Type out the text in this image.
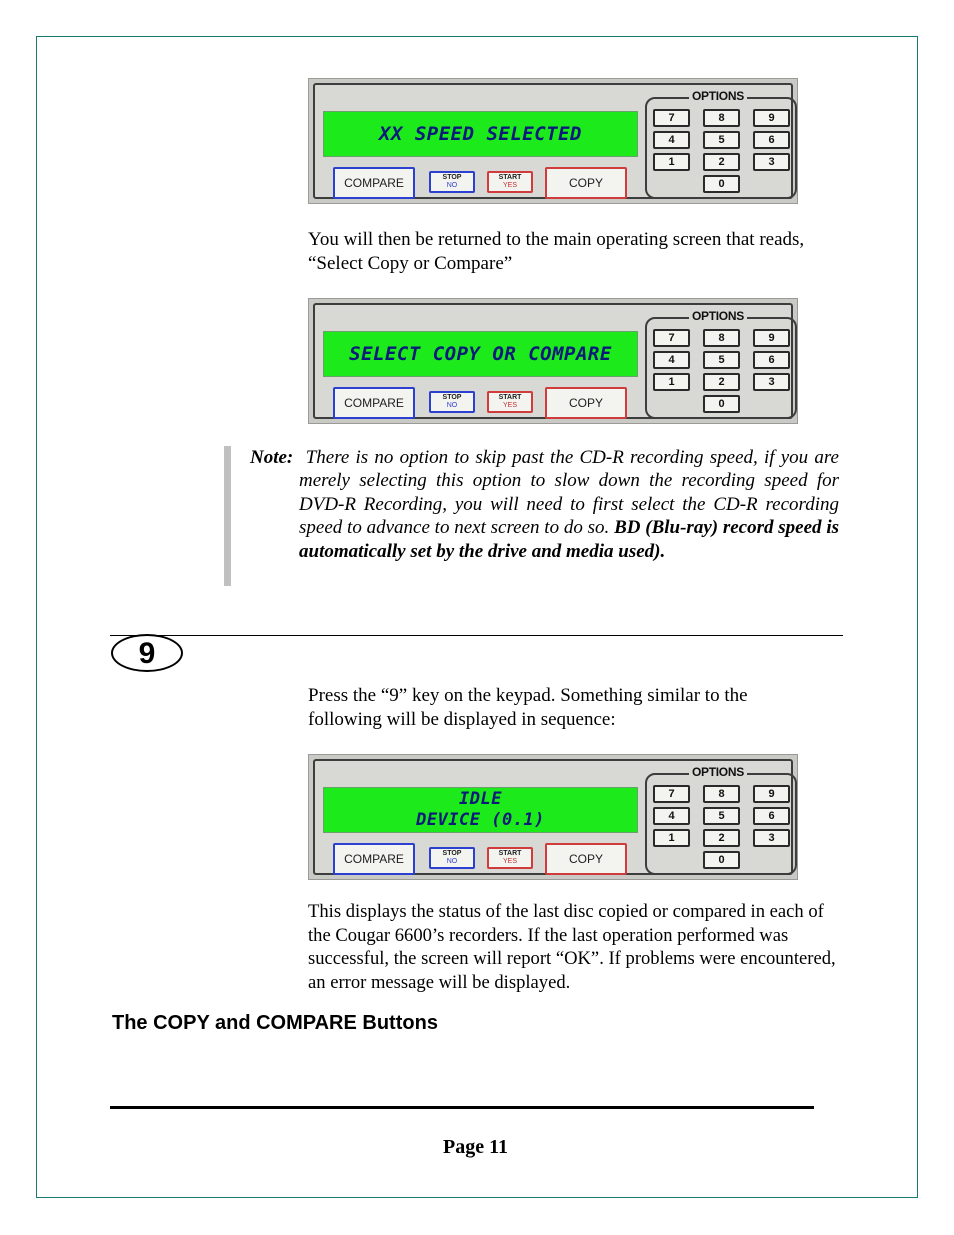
XX SPEED SELECTED
COMPARE	STOP
NO
START
YES	COPY
OPTIONS
7	8	9
4	5	6
1	2	3
0
You will then be returned to the main operating screen that reads, “Select Copy or Compare”
SELECT COPY OR COMPARE
COMPARE	STOP
NO
START
YES	COPY
OPTIONS
7	8	9
4	5	6
1	2	3
0
Note: There is no option to skip past the CD-R recording speed, if you are merely selecting this option to slow down the recording speed for DVD-R Recording, you will need to first select the CD-R recording speed to advance to next screen to do so. BD (Blu-ray) record speed is automatically set by the drive and media used).
9
Press the “9” key on the keypad. Something similar to the following will be displayed in sequence:
IDLE
DEVICE (0.1)
COMPARE	STOP
NO
START
YES	COPY
OPTIONS
7	8	9
4	5	6
1	2	3
0
This displays the status of the last disc copied or compared in each of the Cougar 6600’s recorders. If the last operation performed was successful, the screen will report “OK”. If problems were encountered, an error message will be displayed.
The COPY and COMPARE Buttons
Page 11
